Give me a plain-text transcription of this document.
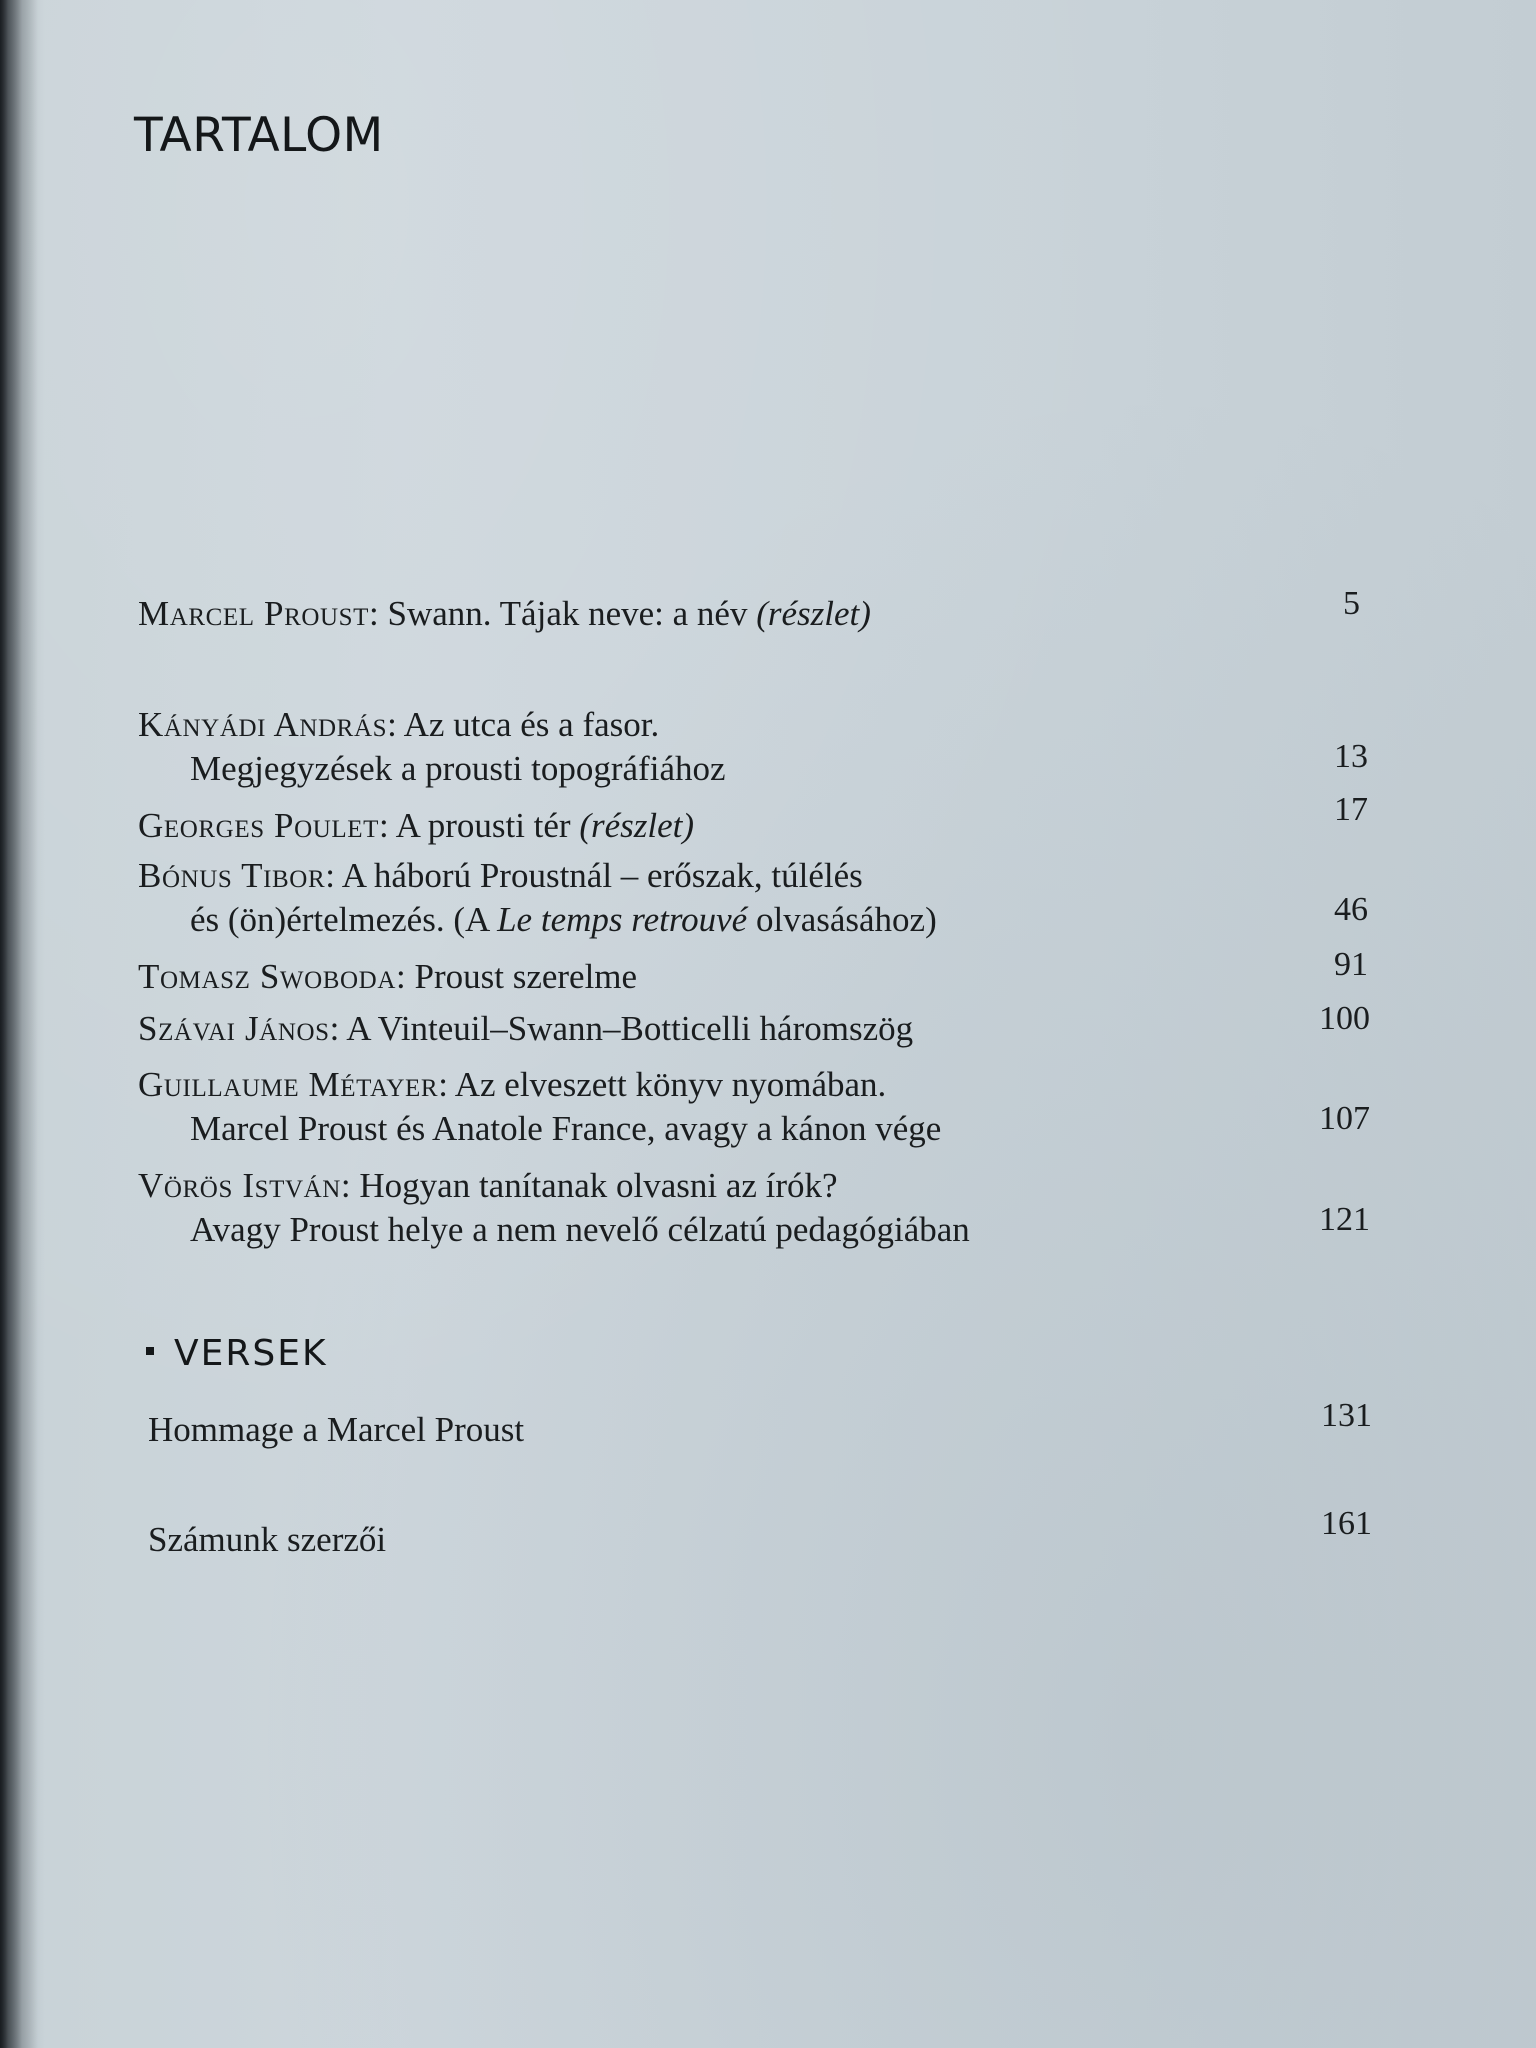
TARTALOM
Marcel Proust: Swann. Tájak neve: a név (részlet)	5
Kányádi András: Az utca és a fasor.
Megjegyzések a prousti topográfiához	13
Georges Poulet: A prousti tér (részlet)	17
Bónus Tibor: A háború Proustnál – erőszak, túlélés
és (ön)értelmezés. (A Le temps retrouvé olvasásához)	46
Tomasz Swoboda: Proust szerelme	91
Szávai János: A Vinteuil–Swann–Botticelli háromszög	100
Guillaume Métayer: Az elveszett könyv nyomában.
Marcel Proust és Anatole France, avagy a kánon vége	107
Vörös István: Hogyan tanítanak olvasni az írók?
Avagy Proust helye a nem nevelő célzatú pedagógiában	121
VERSEK
Hommage a Marcel Proust	131
Számunk szerzői	161
